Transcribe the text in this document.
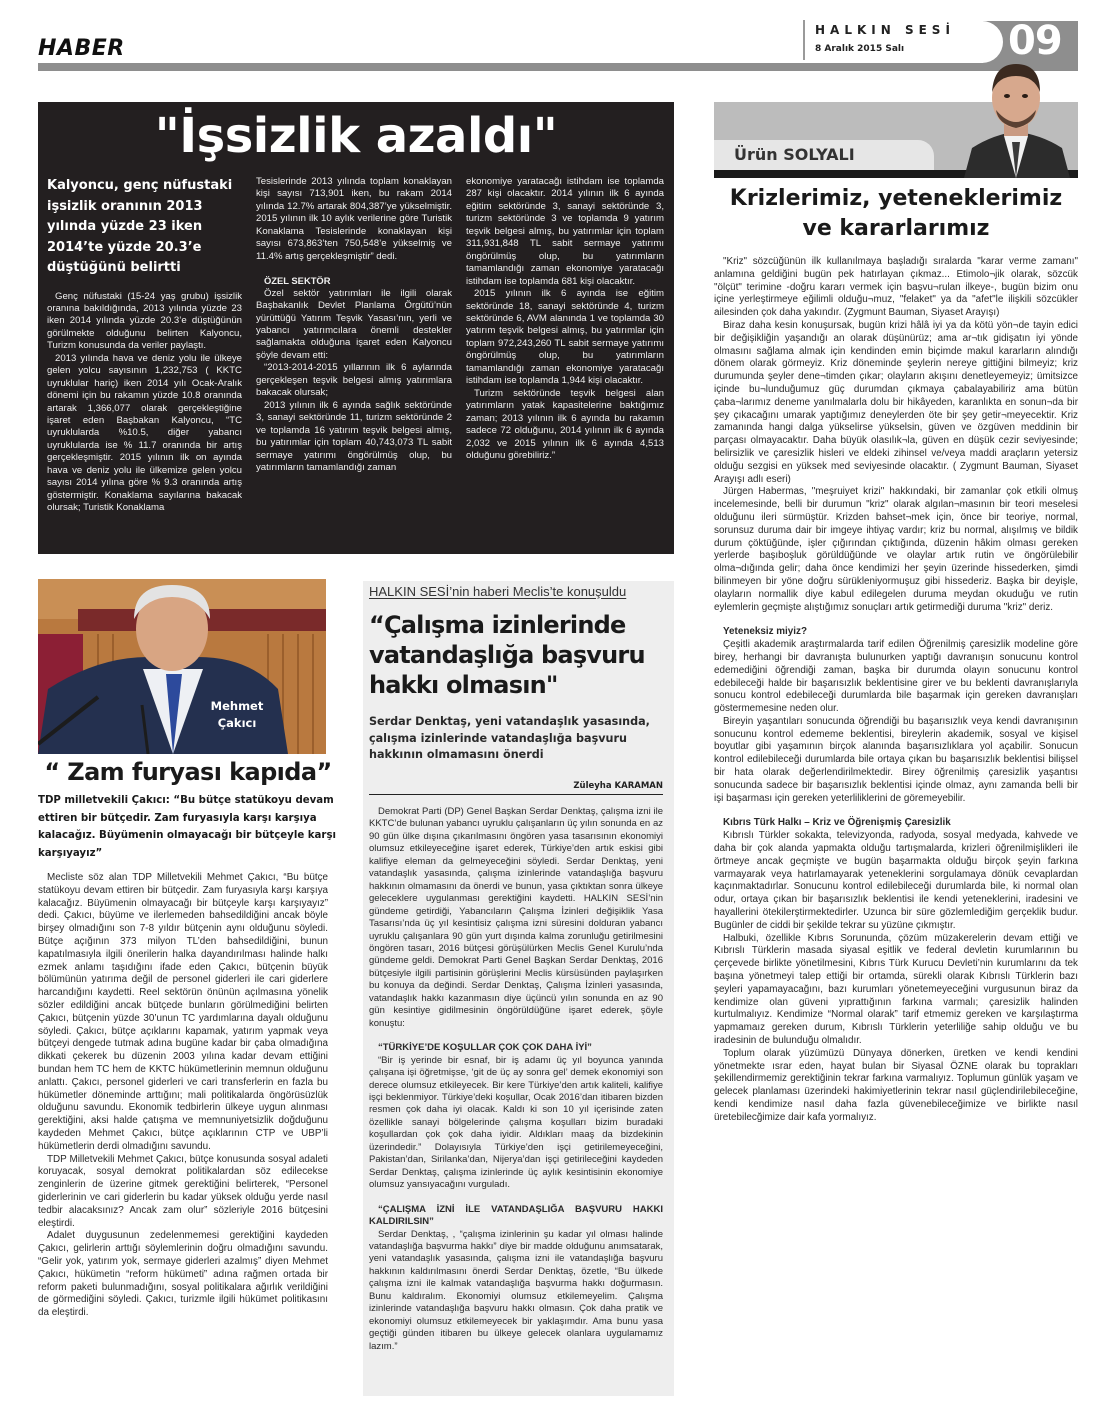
HABER
HALKIN SESİ
8 Aralık 2015 Salı	09
"İşsizlik azaldı"
Kalyoncu, genç nüfustaki işsizlik oranının 2013 yılında yüzde 23 iken 2014’te yüzde 20.3’e düştüğünü belirtti

Genç nüfustaki (15-24 yaş grubu) işsizlik oranına bakıldığında, 2013 yılında yüzde 23 iken 2014 yılında yüzde 20.3’e düştüğünün görülmekte olduğunu belirten Kalyoncu, Turizm konusunda da veriler paylaştı.

2013 yılında hava ve deniz yolu ile ülkeye gelen yolcu sayısının 1,232,753 ( KKTC uyruklular hariç) iken 2014 yılı Ocak-Aralık dönemi için bu rakamın yüzde 10.8 oranında artarak 1,366,077 olarak gerçekleştiğine işaret eden Başbakan Kalyoncu, “TC uyruklularda %10.5, diğer yabancı uyruklularda ise % 11.7 oranında bir artış gerçekleşmiştir. 2015 yılının ilk on ayında hava ve deniz yolu ile ülkemize gelen yolcu sayısı 2014 yılına göre % 9.3 oranında artış göstermiştir. Konaklama sayılarına bakacak olursak; Turistik Konaklama

Tesislerinde 2013 yılında toplam konaklayan kişi sayısı 713,901 iken, bu rakam 2014 yılında 12.7% artarak 804,387’ye yükselmiştir. 2015 yılının ilk 10 aylık verilerine göre Turistik Konaklama Tesislerinde konaklayan kişi sayısı 673,863’ten 750,548’e yükselmiş ve 11.4% artış gerçekleşmiştir” dedi.

ÖZEL SEKTÖR

Özel sektör yatırımları ile ilgili olarak Başbakanlık Devlet Planlama Örgütü’nün yürüttüğü Yatırım Teşvik Yasası’nın, yerli ve yabancı yatırımcılara önemli destekler sağlamakta olduğuna işaret eden Kalyoncu şöyle devam etti:

“2013-2014-2015 yıllarının ilk 6 aylarında gerçekleşen teşvik belgesi almış yatırımlara bakacak olursak;

2013 yılının ilk 6 ayında sağlık sektöründe 3, sanayi sektöründe 11, turizm sektöründe 2 ve toplamda 16 yatırım teşvik belgesi almış, bu yatırımlar için toplam 40,743,073 TL sabit sermaye yatırımı öngörülmüş olup, bu yatırımların tamamlandığı zaman

ekonomiye yaratacağı istihdam ise toplamda 287 kişi olacaktır. 2014 yılının ilk 6 ayında eğitim sektöründe 3, sanayi sektöründe 3, turizm sektöründe 3 ve toplamda 9 yatırım teşvik belgesi almış, bu yatırımlar için toplam 311,931,848 TL sabit sermaye yatırımı öngörülmüş olup, bu yatırımların tamamlandığı zaman ekonomiye yaratacağı istihdam ise toplamda 681 kişi olacaktır.

2015 yılının ilk 6 ayında ise eğitim sektöründe 18, sanayi sektöründe 4, turizm sektöründe 6, AVM alanında 1 ve toplamda 30 yatırım teşvik belgesi almış, bu yatırımlar için toplam 972,243,260 TL sabit sermaye yatırımı öngörülmüş olup, bu yatırımların tamamlandığı zaman ekonomiye yaratacağı istihdam ise toplamda 1,944 kişi olacaktır.

Turizm sektöründe teşvik belgesi alan yatırımların yatak kapasitelerine baktığımız zaman; 2013 yılının ilk 6 ayında bu rakamın sadece 72 olduğunu, 2014 yılının ilk 6 ayında 2,032 ve 2015 yılının ilk 6 ayında 4,513 olduğunu görebiliriz.”

Ürün SOLYALI
Krizlerimiz, yeteneklerimiz ve kararlarımız

"Kriz" sözcüğünün ilk kullanılmaya başladığı sıralarda "karar verme zamanı" anlamına geldiğini bugün pek hatırlayan çıkmaz... Etimolo¬jik olarak, sözcük "ölçüt" terimine -doğru kararı vermek için başvu¬rulan ilkeye-, bugün bizim onu içine yerleştirmeye eğilimli olduğu¬muz, "felaket" ya da "afet"le ilişkili sözcükler ailesinden çok daha yakındır. (Zygmunt Bauman, Siyaset Arayışı)

Biraz daha kesin konuşursak, bugün krizi hâlâ iyi ya da kötü yön¬de tayin edici bir değişikliğin yaşandığı an olarak düşünürüz; ama ar¬tık gidişatın iyi yönde olmasını sağlama almak için kendinden emin biçimde makul kararların alındığı dönem olarak görmeyiz. Kriz döneminde şeylerin nereye gittiğini bilmeyiz; kriz durumunda şeyler dene¬timden çıkar; olayların akışını denetleyemeyiz; ümitsizce içinde bu¬lunduğumuz güç durumdan çıkmaya çabalayabiliriz ama bütün çaba¬larımız deneme yanılmalarla dolu bir hikâyeden, karanlıkta en sonun¬da bir şey çıkacağını umarak yaptığımız deneylerden öte bir şey getir¬meyecektir. Kriz zamanında hangi dalga yükselirse yükselsin, güven ve özgüven meddinin bir parçası olmayacaktır. Daha büyük olasılık¬la, güven en düşük cezir seviyesinde; belirsizlik ve çaresizlik hisleri ve eldeki zihinsel ve/veya maddi araçların yetersiz olduğu sezgisi en yüksek med seviyesinde olacaktır. ( Zygmunt Bauman, Siyaset Arayışı adlı eseri)

Jürgen Habermas, "meşruiyet krizi" hakkındaki, bir zamanlar çok etkili olmuş incelemesinde, belli bir durumun "kriz" olarak algılan¬masının bir teori meselesi olduğunu ileri sürmüştür. Krizden bahset¬mek için, önce bir teoriye, normal, sorunsuz duruma dair bir imgeye ihtiyaç vardır; kriz bu normal, alışılmış ve bildik durum çöktüğünde, işler çığırından çıktığında, düzenin hâkim olması gereken yerlerde başıboşluk görüldüğünde ve olaylar artık rutin ve öngörülebilir olma¬dığında gelir; daha önce kendimizi her şeyin üzerinde hissederken, şimdi bilinmeyen bir yöne doğru sürükleniyormuşuz gibi hissederiz. Başka bir deyişle, olayların normallik diye kabul edilegelen duruma meydan okuduğu ve rutin eylemlerin geçmişte alıştığımız sonuçları artık getirmediği duruma "kriz" deriz.

Yeteneksiz miyiz?

Çeşitli akademik araştırmalarda tarif edilen Öğrenilmiş çaresizlik modeline göre birey, herhangi bir davranışta bulunurken yaptığı davranışın sonucunu kontrol edemediğini öğrendiği zaman, başka bir durumda olayın sonucunu kontrol edebileceği halde bir başarısızlık beklentisine girer ve bu beklenti davranışlarıyla sonucu kontrol edebileceği durumlarda bile başarmak için gereken davranışları göstermemesine neden olur.

Bireyin yaşantıları sonucunda öğrendiği bu başarısızlık veya kendi davranışının sonucunu kontrol edememe beklentisi, bireylerin akademik, sosyal ve kişisel boyutlar gibi yaşamının birçok alanında başarısızlıklara yol açabilir. Sonucun kontrol edilebileceği durumlarda bile ortaya çıkan bu başarısızlık beklentisi bilişsel bir hata olarak değerlendirilmektedir. Birey öğrenilmiş çaresizlik yaşantısı sonucunda sadece bir başarısızlık beklentisi içinde olmaz, aynı zamanda belli bir işi başarması için gereken yeterliliklerini de göremeyebilir.

Kıbrıs Türk Halkı – Kriz ve Öğrenişmiş Çaresizlik

Kıbrıslı Türkler sokakta, televizyonda, radyoda, sosyal medyada, kahvede ve daha bir çok alanda yapmakta olduğu tartışmalarda, krizleri öğrenilmişlikleri ile örtmeye ancak geçmişte ve bugün başarmakta olduğu birçok şeyin farkına varmayarak veya hatırlamayarak yeteneklerini sorgulamaya dönük cevaplardan kaçınmaktadırlar. Sonucunu kontrol edilebileceği durumlarda bile, ki normal olan odur, ortaya çıkan bir başarısızlık beklentisi ile kendi yeteneklerini, iradesini ve hayallerini ötekilerştirmektedirler. Uzunca bir süre gözlemlediğim gerçeklik budur. Bugünler de ciddi bir şekilde tekrar su yüzüne çıkmıştır.

Halbuki, özellikle Kıbrıs Sorununda, çözüm müzakerelerin devam ettiği ve Kıbrıslı Türklerin masada siyasal eşitlik ve federal devletin kurumlarının bu çerçevede birlikte yönetilmesini, Kıbrıs Türk Kurucu Devleti’nin kurumlarını da tek başına yönetmeyi talep ettiği bir ortamda, sürekli olarak Kıbrıslı Türklerin bazı şeyleri yapamayacağını, bazı kurumları yönetemeyeceğini vurgusunun biraz da kendimize olan güveni yıprattığının farkına varmalı; çaresizlik halinden kurtulmalıyız. Kendimize “Normal olarak” tarif etmemiz gereken ve karşılaştırma yapmamaız gereken durum, Kıbrıslı Türklerin yeterliliğe sahip olduğu ve bu iradesinin de bulunduğu olmalıdır.

Toplum olarak yüzümüzü Dünyaya dönerken, üretken ve kendi kendini yönetmekte ısrar eden, hayat bulan bir Siyasal ÖZNE olarak bu toprakları şekillendirmemiz gerektiğinin tekrar farkına varmalıyız. Toplumun günlük yaşam ve gelecek planlaması üzerindeki hakimiyetlerinin tekrar nasıl güçlendirilebileceğine, kendi kendimize nasıl daha fazla güvenebileceğimize ve birlikte nasıl üretebilecğimize dair kafa yormalıyız.

Mehmet Çakıcı
“ Zam furyası kapıda”
TDP milletvekili Çakıcı: “Bu bütçe statükoyu devam ettiren bir bütçedir. Zam furyasıyla karşı karşıya kalacağız. Büyümenin olmayacağı bir bütçeyle karşı karşıyayız”

Mecliste söz alan TDP Milletvekili Mehmet Çakıcı, “Bu bütçe statükoyu devam ettiren bir bütçedir. Zam furyasıyla karşı karşıya kalacağız. Büyümenin olmayacağı bir bütçeyle karşı karşıyayız” dedi. Çakıcı, büyüme ve ilerlemeden bahsedildiğini ancak böyle birşey olmadığını son 7-8 yıldır bütçenin aynı olduğunu söyledi. Bütçe açığının 373 milyon TL’den bahsedildiğini, bunun kapatılmasıyla ilgili önerilerin halka dayandırılması halinde halkı ezmek anlamı taşıdığını ifade eden Çakıcı, bütçenin büyük bölümünün yatırıma değil de personel giderleri ile cari giderlere harcandığını kaydetti. Reel sektörün önünün açılmasına yönelik sözler edildiğini ancak bütçede bunların görülmediğini belirten Çakıcı, bütçenin yüzde 30’unun TC yardımlarına dayalı olduğunu söyledi. Çakıcı, bütçe açıklarını kapamak, yatırım yapmak veya bütçeyi dengede tutmak adına bugüne kadar bir çaba olmadığına dikkati çekerek bu düzenin 2003 yılına kadar devam ettiğini bundan hem TC hem de KKTC hükümetlerinin memnun olduğunu anlattı. Çakıcı, personel giderleri ve cari transferlerin en fazla bu hükümetler döneminde arttığını; mali politikalarda öngörüsüzlük olduğunu savundu. Ekonomik tedbirlerin ülkeye uygun alınması gerektiğini, aksi halde çatışma ve memnuniyetsizlik doğduğunu kaydeden Mehmet Çakıcı, bütçe açıklarının CTP ve UBP’li hükümetlerin derdi olmadığını savundu.

TDP Milletvekili Mehmet Çakıcı, bütçe konusunda sosyal adaleti koruyacak, sosyal demokrat politikalardan söz edilecekse zenginlerin de üzerine gitmek gerektiğini belirterek, “Personel giderlerinin ve cari giderlerin bu kadar yüksek olduğu yerde nasıl tedbir alacaksınız? Ancak zam olur” sözleriyle 2016 bütçesini eleştirdi.

Adalet duygusunun zedelenmemesi gerektiğini kaydeden Çakıcı, gelirlerin arttığı söylemlerinin doğru olmadığını savundu. “Gelir yok, yatırım yok, sermaye giderleri azalmış” diyen Mehmet Çakıcı, hükümetin “reform hükümeti” adına rağmen ortada bir reform paketi bulunmadığını, sosyal politikalara ağırlık verildiğini de görmediğini söyledi. Çakıcı, turizmle ilgili hükümet politikasını da eleştirdi.

HALKIN SESİ’nin haberi Meclis’te konuşuldu
“Çalışma izinlerinde vatandaşlığa başvuru hakkı olmasın"
Serdar Denktaş, yeni vatandaşlık yasasında, çalışma izinlerinde vatandaşlığa başvuru hakkının olmamasını önerdi
Züleyha KARAMAN

Demokrat Parti (DP) Genel Başkan Serdar Denktaş, çalışma izni ile KKTC’de bulunan yabancı uyruklu çalışanların üç yılın sonunda en az 90 gün ülke dışına çıkarılmasını öngören yasa tasarısının ekonomiyi olumsuz etkileyeceğine işaret ederek, Türkiye’den artık eskisi gibi kalifiye eleman da gelmeyeceğini söyledi. Serdar Denktaş, yeni vatandaşlık yasasında, çalışma izinlerinde vatandaşlığa başvuru hakkının olmamasını da önerdi ve bunun, yasa çıktıktan sonra ülkeye geleceklere uygulanması gerektiğini kaydetti. HALKIN SESİ’nin gündeme getirdiği, Yabancıların Çalışma İzinleri değişiklik Yasa Tasarısı’nda üç yıl kesintisiz çalışma izni süresini dolduran yabancı uyruklu çalışanlara 90 gün yurt dışında kalma zorunluğu getirilmesini öngören tasarı, 2016 bütçesi görüşülürken Meclis Genel Kurulu’nda gündeme geldi. Demokrat Parti Genel Başkan Serdar Denktaş, 2016 bütçesiyle ilgili partisinin görüşlerini Meclis kürsüsünden paylaşırken bu konuya da değindi. Serdar Denktaş, Çalışma İzinleri yasasında, vatandaşlık hakkı kazanmasın diye üçüncü yılın sonunda en az 90 gün kesintiye gidilmesinin öngörüldüğüne işaret ederek, şöyle konuştu:

“TÜRKİYE’DE KOŞULLAR ÇOK ÇOK DAHA İYİ”

“Bir iş yerinde bir esnaf, bir iş adamı üç yıl boyunca yanında çalışana işi öğretmişse, ‘git de üç ay sonra gel’ demek ekonomiyi son derece olumsuz etkileyecek. Bir kere Türkiye’den artık kaliteli, kalifiye işçi beklenmiyor. Türkiye’deki koşullar, Ocak 2016’dan itibaren bizden resmen çok daha iyi olacak. Kaldı ki son 10 yıl içerisinde zaten özellikle sanayi bölgelerinde çalışma koşulları bizim buradaki koşullardan çok çok daha iyidir. Aldıkları maaş da bizdekinin üzerindedir.” Dolayısıyla Türkiye’den işçi getirilemeyeceğini, Pakistan’dan, Sirilanka’dan, Nijerya’dan işçi getirileceğini kaydeden Serdar Denktaş, çalışma izinlerinde üç aylık kesintisinin ekonomiye olumsuz yansıyacağını vurguladı.

“ÇALIŞMA İZNİ İLE VATANDAŞLIĞA BAŞVURU HAKKI KALDIRILSIN”

Serdar Denktaş, , “çalışma izinlerinin şu kadar yıl olması halinde vatandaşlığa başvurma hakkı” diye bir madde olduğunu anımsatarak, yeni vatandaşlık yasasında, çalışma izni ile vatandaşlığa başvuru hakkının kaldırılmasını önerdi Serdar Denktaş, özetle, “Bu ülkede çalışma izni ile kalmak vatandaşlığa başvurma hakkı doğurmasın. Bunu kaldıralım. Ekonomiyi olumsuz etkilemeyelim. Çalışma izinlerinde vatandaşlığa başvuru hakkı olmasın. Çok daha pratik ve ekonomiyi olumsuz etkilemeyecek bir yaklaşımdır. Ama bunu yasa geçtiği günden itibaren bu ülkeye gelecek olanlara uygulamamız lazım.”
